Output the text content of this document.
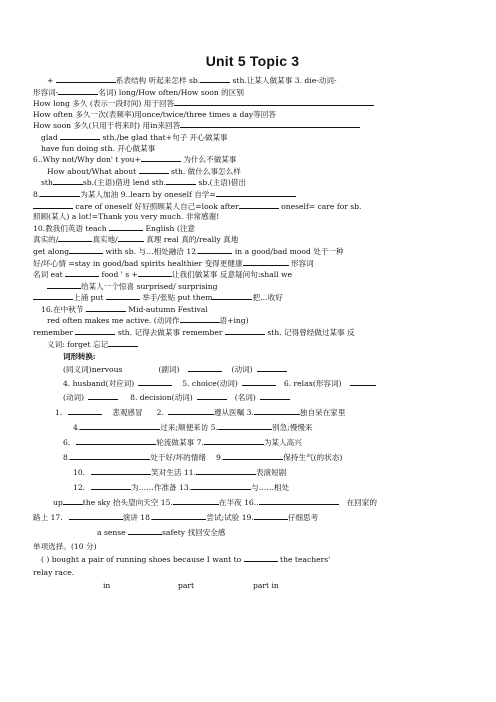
Unit 5 Topic 3
+	系表结构 听起来怎样 sb.	sth.让某人做某事 3. die-动词-
形容词-	名词) long/How often/How soon 的区别
How long 多久 (表示一段时间) 用于回答
How often 多久一次(表频率)用once/twice/three times a day等回答
How soon 多久(只用于将来时) 用in来回答
glad	sth./be glad that+句子 开心做某事
have fun doing sth. 开心做某事
6..Why not/Why don' t you+	为什么不做某事
How about/What about	sth. 做什么事怎么样
sth	sb.(主语)借进 lend sth.	sb.(主语)借出
8.	为某人加油 9..learn by oneself 自学=
care of oneself 好好照顾某人自己=look after	oneself= care for sb.
照顾(某人) a lot!=Thank you very much. 非常感谢!
10.教我们英语 teach	English (注意
真实的/	真实地/	真理 real 真的/really 真地
get along	with sb. 与…相处融洽 12.	in a good/bad mood 处于一种
好/坏心情 =stay in good/bad spirits healthier 变得更健康	形容词
名词 eat	food ' s +	让我们做某事 反意疑问句:shall we
给某人一个惊喜 surprised/ surprising
上涌 put	举手/张贴 put them	把…收好
16.在中秋节	Mid-autumn Festival
red often makes me active. (动词作	语+ing)
remember	sth. 记得去做某事 remember	sth. 记得曾经做过某事 反
义词: forget 忘记
词形转换:
(同义词)nervous	(副词)	(动词)
4. husband(对应词)	5. choice(动词)	6. relax(形容词)
(动词)	8. decision(动词)	(名词)
1.	悲观感冒 2.	遵从医嘱 3.	独自呆在家里
4.	过来;顺便来访 5.	别急;慢慢来
6.	轮流做某事 7.	为某人高兴
8.	处于好/坏的情绪 9.	保持生气(的状态)
10.	笑对生活 11.	表演短剧
12.	为……作准备 13.	与……相处
up	the sky 抬头望向天空 15.	在半夜 16..	在回家的
路上 17.	演讲 18.	尝试;试验 19.	仔细思考
a sense	safety 找回安全感
单项选择。(10 分)
( ) bought a pair of running shoes because I want to	the teachers'
relay race.
in	part	part in
